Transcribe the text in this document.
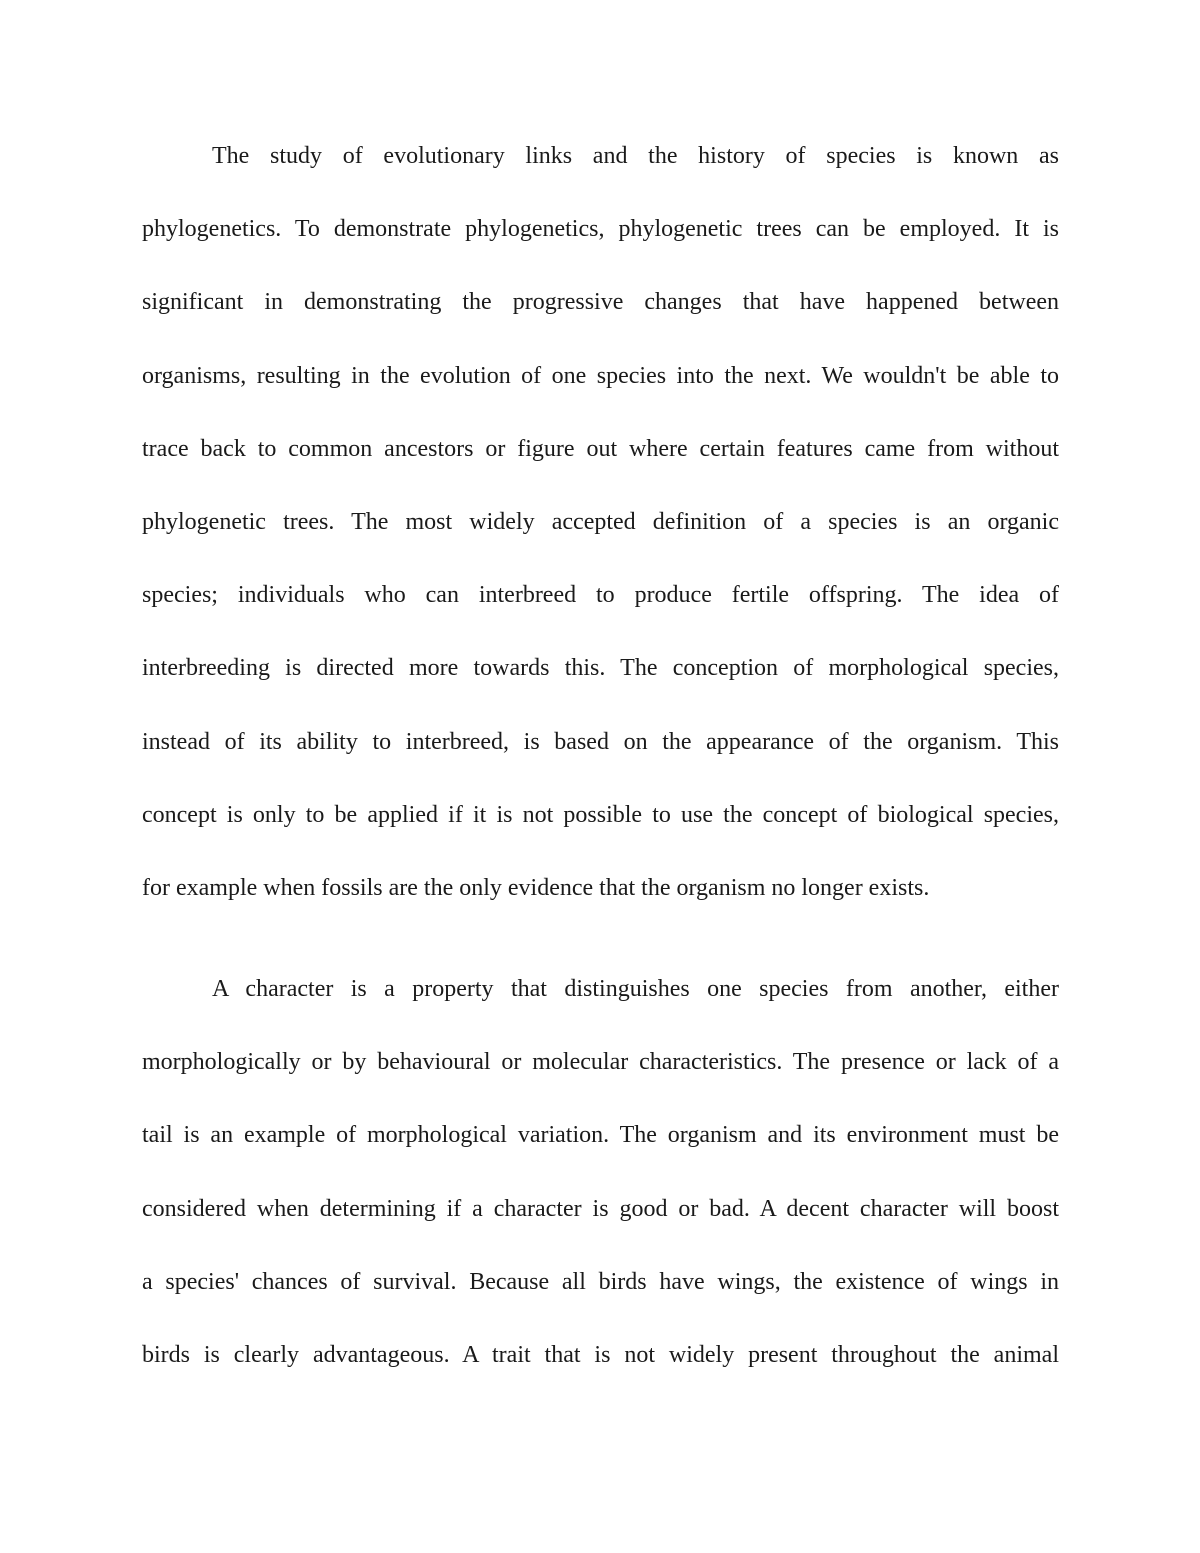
The study of evolutionary links and the history of species is known as
phylogenetics. To demonstrate phylogenetics, phylogenetic trees can be employed. It is
significant in demonstrating the progressive changes that have happened between
organisms, resulting in the evolution of one species into the next. We wouldn't be able to
trace back to common ancestors or figure out where certain features came from without
phylogenetic trees. The most widely accepted definition of a species is an organic
species; individuals who can interbreed to produce fertile offspring. The idea of
interbreeding is directed more towards this. The conception of morphological species,
instead of its ability to interbreed, is based on the appearance of the organism. This
concept is only to be applied if it is not possible to use the concept of biological species,
for example when fossils are the only evidence that the organism no longer exists.
A character is a property that distinguishes one species from another, either
morphologically or by behavioural or molecular characteristics. The presence or lack of a
tail is an example of morphological variation. The organism and its environment must be
considered when determining if a character is good or bad. A decent character will boost
a species' chances of survival. Because all birds have wings, the existence of wings in
birds is clearly advantageous. A trait that is not widely present throughout the animal
